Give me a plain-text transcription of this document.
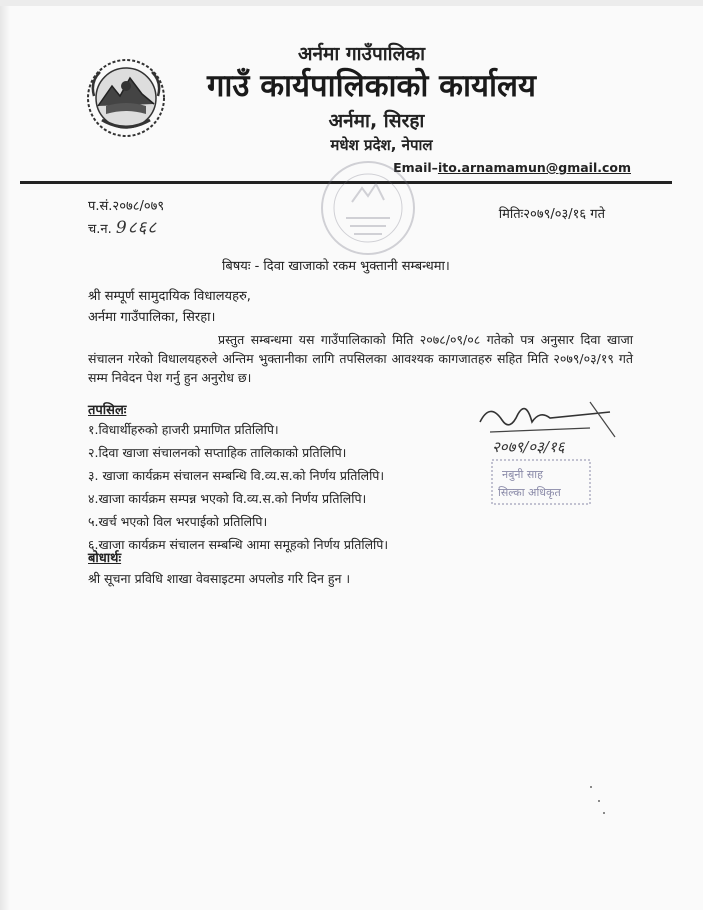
अर्नमा गाउँपालिका
गाउँ कार्यपालिकाको कार्यालय
अर्नमा, सिरहा
मधेश प्रदेश, नेपाल
Email–ito.arnamamun@gmail.com
प.सं.२०७८/०७९
च.न. 9८६८
मितिः२०७९/०३/१६ गते
बिषयः - दिवा खाजाको रकम भुक्तानी सम्बन्धमा।
श्री सम्पूर्ण सामुदायिक विधालयहरु,
अर्नमा गाउँपालिका, सिरहा।
प्रस्तुत सम्बन्धमा यस गाउँपालिकाको मिति २०७८/०९/०८ गतेको पत्र अनुसार दिवा खाजा संचालन गरेको विधालयहरुले अन्तिम भुक्तानीका लागि तपसिलका आवश्यक कागजातहरु सहित मिति २०७९/०३/१९ गते सम्म निवेदन पेश गर्नु हुन अनुरोध छ।
तपसिलः
१.विधार्थीहरुको हाजरी प्रमाणित प्रतिलिपि।
२.दिवा खाजा संचालनको सप्ताहिक तालिकाको प्रतिलिपि।
३. खाजा कार्यक्रम संचालन सम्बन्धि वि.व्य.स.को निर्णय प्रतिलिपि।
४.खाजा कार्यक्रम सम्पन्न भएको वि.व्य.स.को निर्णय प्रतिलिपि।
५.खर्च भएको विल भरपाईको प्रतिलिपि।
६.खाजा कार्यक्रम संचालन सम्बन्धि आमा समूहको निर्णय प्रतिलिपि।
२०७९/०३/१६
नबुनी साह
सिल्का अधिकृत
बोधार्थः
श्री सूचना प्रविधि शाखा वेवसाइटमा अपलोड गरि दिन हुन ।
